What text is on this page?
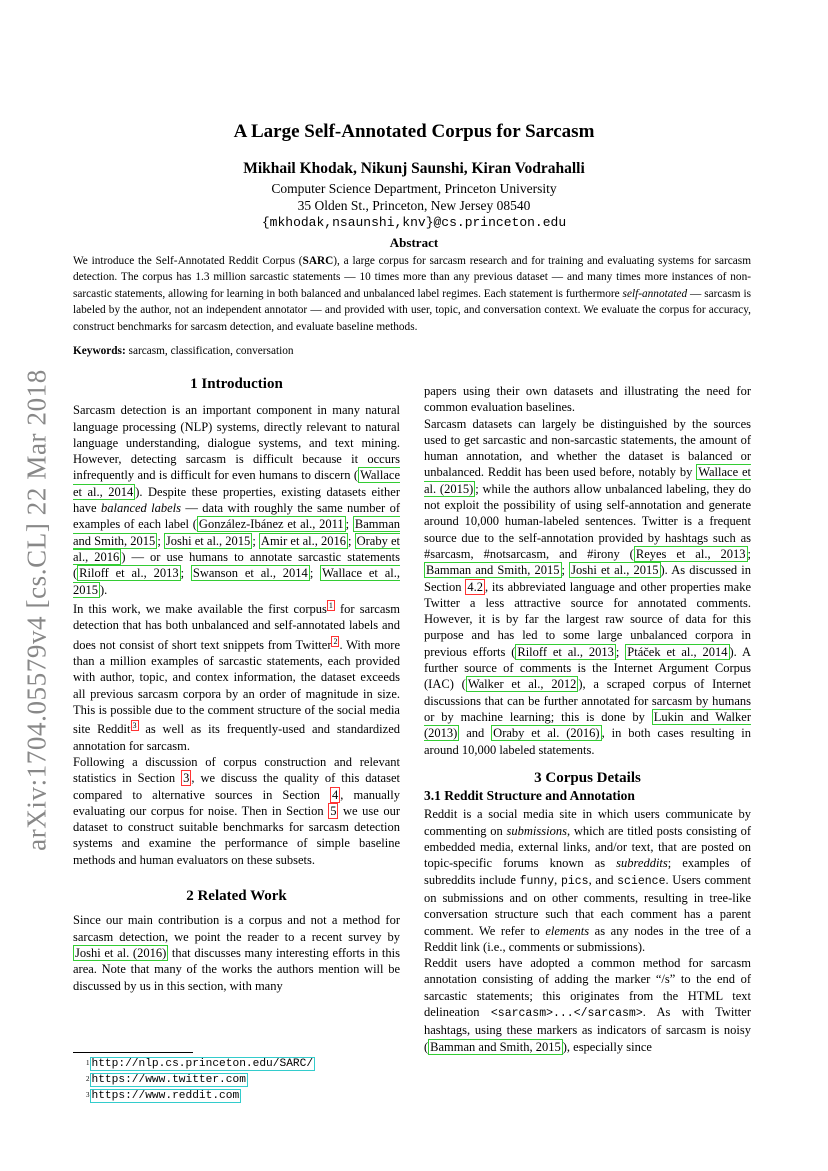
arXiv:1704.05579v4 [cs.CL] 22 Mar 2018
A Large Self-Annotated Corpus for Sarcasm
Mikhail Khodak, Nikunj Saunshi, Kiran Vodrahalli
Computer Science Department, Princeton University
35 Olden St., Princeton, New Jersey 08540
{mkhodak,nsaunshi,knv}@cs.princeton.edu
Abstract
We introduce the Self-Annotated Reddit Corpus (SARC), a large corpus for sarcasm research and for training and evaluating systems for sarcasm detection. The corpus has 1.3 million sarcastic statements — 10 times more than any previous dataset — and many times more instances of non-sarcastic statements, allowing for learning in both balanced and unbalanced label regimes. Each statement is furthermore self-annotated — sarcasm is labeled by the author, not an independent annotator — and provided with user, topic, and conversation context. We evaluate the corpus for accuracy, construct benchmarks for sarcasm detection, and evaluate baseline methods.
Keywords: sarcasm, classification, conversation

1 Introduction

Sarcasm detection is an important component in many natural language processing (NLP) systems, directly relevant to natural language understanding, dialogue systems, and text mining. However, detecting sarcasm is difficult because it occurs infrequently and is difficult for even humans to discern ( Wallace et al., 2014 ). Despite these properties, existing datasets either have balanced labels — data with roughly the same number of examples of each label ( González-Ibánez et al., 2011 ; Bamman and Smith, 2015 ; Joshi et al., 2015 ; Amir et al., 2016 ; Oraby et al., 2016 ) — or use humans to annotate sarcastic statements ( Riloff et al., 2013 ; Swanson et al., 2014 ; Wallace et al., 2015 ).

In this work, we make available the first corpus $^1$ for sarcasm detection that has both unbalanced and self-annotated labels and does not consist of short text snippets from Twitter $^2$ . With more than a million examples of sarcastic statements, each provided with author, topic, and contex information, the dataset exceeds all previous sarcasm corpora by an order of magnitude in size. This is possible due to the comment structure of the social media site Reddit $^3$ as well as its frequently-used and standardized annotation for sarcasm.

Following a discussion of corpus construction and relevant statistics in Section 3 , we discuss the quality of this dataset compared to alternative sources in Section 4 , manually evaluating our corpus for noise. Then in Section 5 we use our dataset to construct suitable benchmarks for sarcasm detection systems and examine the performance of simple baseline methods and human evaluators on these subsets.

2 Related Work

Since our main contribution is a corpus and not a method for sarcasm detection, we point the reader to a recent survey by Joshi et al. (2016) that discusses many interesting efforts in this area. Note that many of the works the authors mention will be discussed by us in this section, with many

papers using their own datasets and illustrating the need for common evaluation baselines.

Sarcasm datasets can largely be distinguished by the sources used to get sarcastic and non-sarcastic statements, the amount of human annotation, and whether the dataset is balanced or unbalanced. Reddit has been used before, notably by Wallace et al. (2015) ; while the authors allow unbalanced labeling, they do not exploit the possibility of using self-annotation and generate around 10,000 human-labeled sentences. Twitter is a frequent source due to the self-annotation provided by hashtags such as #sarcasm, #notsarcasm, and #irony ( Reyes et al., 2013 ; Bamman and Smith, 2015 ; Joshi et al., 2015 ). As discussed in Section 4.2 , its abbreviated language and other properties make Twitter a less attractive source for annotated comments. However, it is by far the largest raw source of data for this purpose and has led to some large unbalanced corpora in previous efforts ( Riloff et al., 2013 ; Ptáček et al., 2014 ). A further source of comments is the Internet Argument Corpus (IAC) ( Walker et al., 2012 ), a scraped corpus of Internet discussions that can be further annotated for sarcasm by humans or by machine learning; this is done by Lukin and Walker (2013) and Oraby et al. (2016) , in both cases resulting in around 10,000 labeled statements.

3 Corpus Details

3.1 Reddit Structure and Annotation

Reddit is a social media site in which users communicate by commenting on submissions, which are titled posts consisting of embedded media, external links, and/or text, that are posted on topic-specific forums known as subreddits; examples of subreddits include funny, pics, and science. Users comment on submissions and on other comments, resulting in tree-like conversation structure such that each comment has a parent comment. We refer to elements as any nodes in the tree of a Reddit link (i.e., comments or submissions).

Reddit users have adopted a common method for sarcasm annotation consisting of adding the marker “/s” to the end of sarcastic statements; this originates from the HTML text delineation <sarcasm>...</sarcasm>. As with Twitter hashtags, using these markers as indicators of sarcasm is noisy ( Bamman and Smith, 2015 ), especially since

$^1$ http://nlp.cs.princeton.edu/SARC/
$^2$ https://www.twitter.com
$^3$ https://www.reddit.com
